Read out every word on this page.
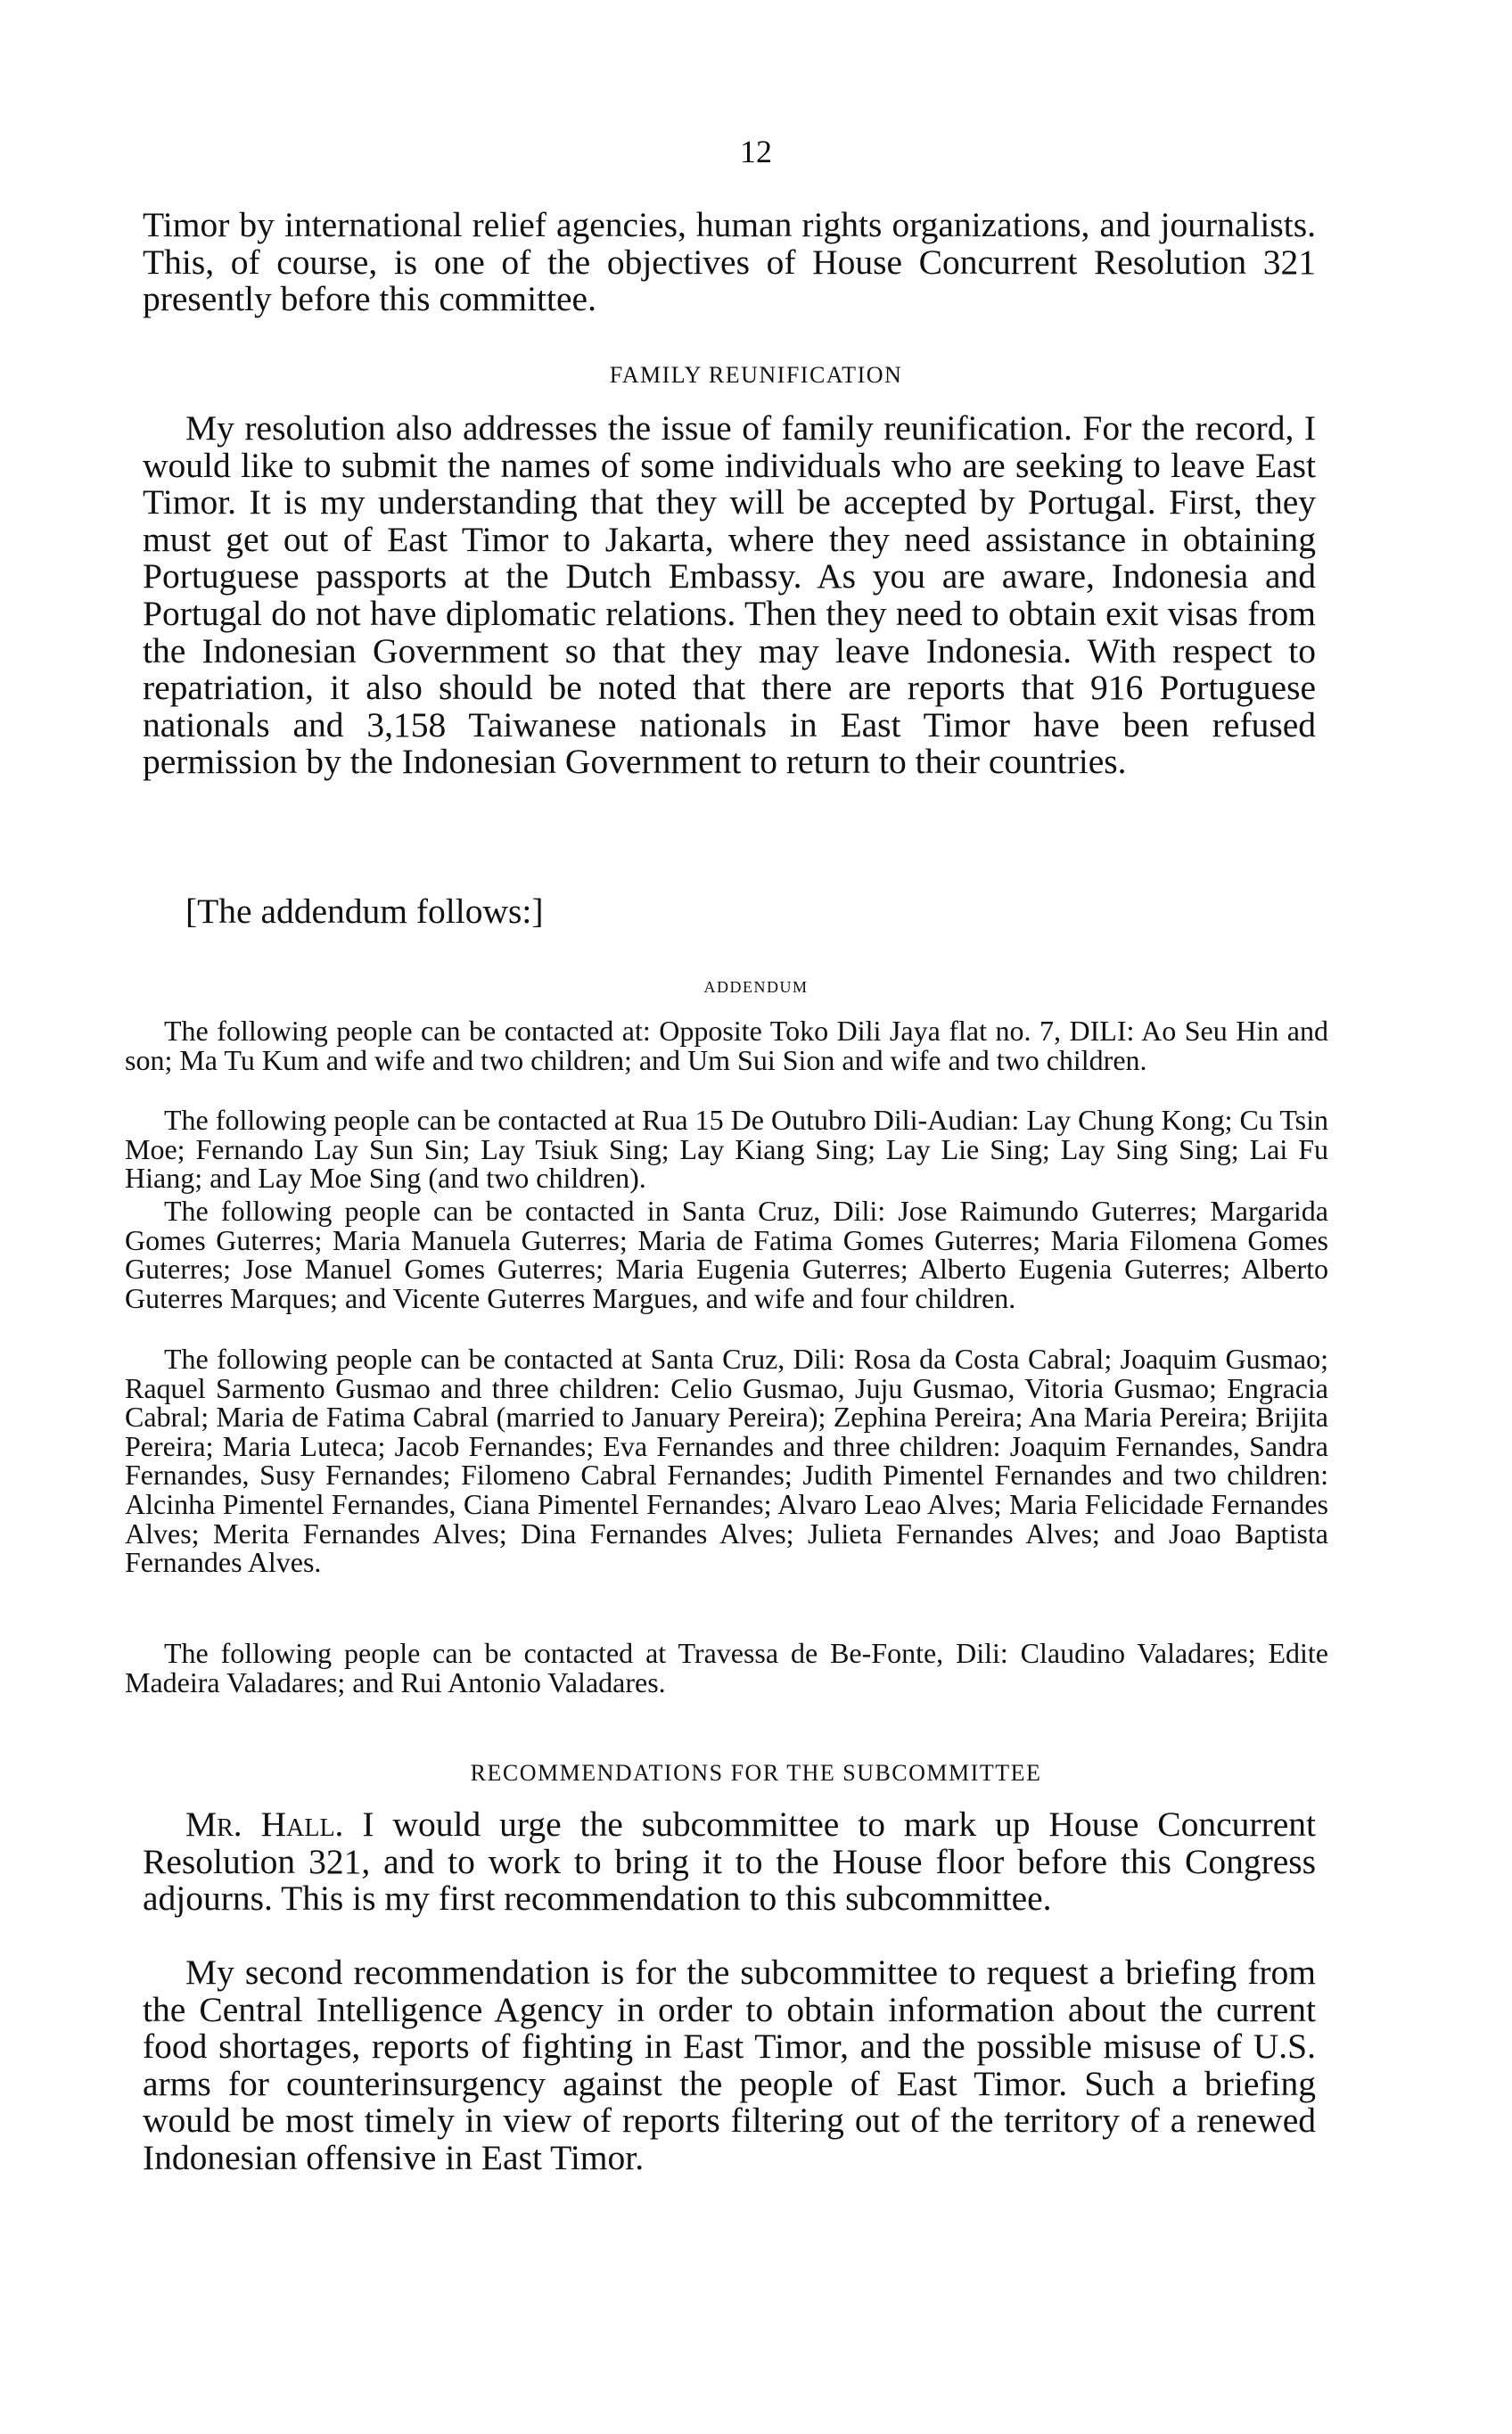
12

Timor by international relief agencies, human rights organizations, and journalists. This, of course, is one of the objectives of House Concurrent Resolution 321 presently before this committee.

FAMILY REUNIFICATION

My resolution also addresses the issue of family reunification. For the record, I would like to submit the names of some individuals who are seeking to leave East Timor. It is my understanding that they will be accepted by Portugal. First, they must get out of East Timor to Jakarta, where they need assistance in obtaining Portuguese passports at the Dutch Embassy. As you are aware, Indonesia and Portugal do not have diplomatic relations. Then they need to obtain exit visas from the Indonesian Government so that they may leave Indonesia. With respect to repatriation, it also should be noted that there are reports that 916 Portuguese nationals and 3,158 Taiwanese nationals in East Timor have been refused permission by the Indonesian Government to return to their countries.

[The addendum follows:]

addendum

The following people can be contacted at: Opposite Toko Dili Jaya flat no. 7, DILI: Ao Seu Hin and son; Ma Tu Kum and wife and two children; and Um Sui Sion and wife and two children.

The following people can be contacted at Rua 15 De Outubro Dili-Audian: Lay Chung Kong; Cu Tsin Moe; Fernando Lay Sun Sin; Lay Tsiuk Sing; Lay Kiang Sing; Lay Lie Sing; Lay Sing Sing; Lai Fu Hiang; and Lay Moe Sing (and two children).

The following people can be contacted in Santa Cruz, Dili: Jose Raimundo Guterres; Margarida Gomes Guterres; Maria Manuela Guterres; Maria de Fatima Gomes Guterres; Maria Filomena Gomes Guterres; Jose Manuel Gomes Guterres; Maria Eugenia Guterres; Alberto Eugenia Guterres; Alberto Guterres Marques; and Vicente Guterres Margues, and wife and four children.

The following people can be contacted at Santa Cruz, Dili: Rosa da Costa Cabral; Joaquim Gusmao; Raquel Sarmento Gusmao and three children: Celio Gusmao, Juju Gusmao, Vitoria Gusmao; Engracia Cabral; Maria de Fatima Cabral (married to January Pereira); Zephina Pereira; Ana Maria Pereira; Brijita Pereira; Maria Luteca; Jacob Fernandes; Eva Fernandes and three children: Joaquim Fernandes, Sandra Fernandes, Susy Fernandes; Filomeno Cabral Fernandes; Judith Pimentel Fernandes and two children: Alcinha Pimentel Fernandes, Ciana Pimentel Fernandes; Alvaro Leao Alves; Maria Felicidade Fernandes Alves; Merita Fernandes Alves; Dina Fernandes Alves; Julieta Fernandes Alves; and Joao Baptista Fernandes Alves.

The following people can be contacted at Travessa de Be-Fonte, Dili: Claudino Valadares; Edite Madeira Valadares; and Rui Antonio Valadares.

RECOMMENDATIONS FOR THE SUBCOMMITTEE

Mr. Hall. I would urge the subcommittee to mark up House Concurrent Resolution 321, and to work to bring it to the House floor before this Congress adjourns. This is my first recommendation to this subcommittee.

My second recommendation is for the subcommittee to request a briefing from the Central Intelligence Agency in order to obtain information about the current food shortages, reports of fighting in East Timor, and the possible misuse of U.S. arms for counterinsurgency against the people of East Timor. Such a briefing would be most timely in view of reports filtering out of the territory of a renewed Indonesian offensive in East Timor.
